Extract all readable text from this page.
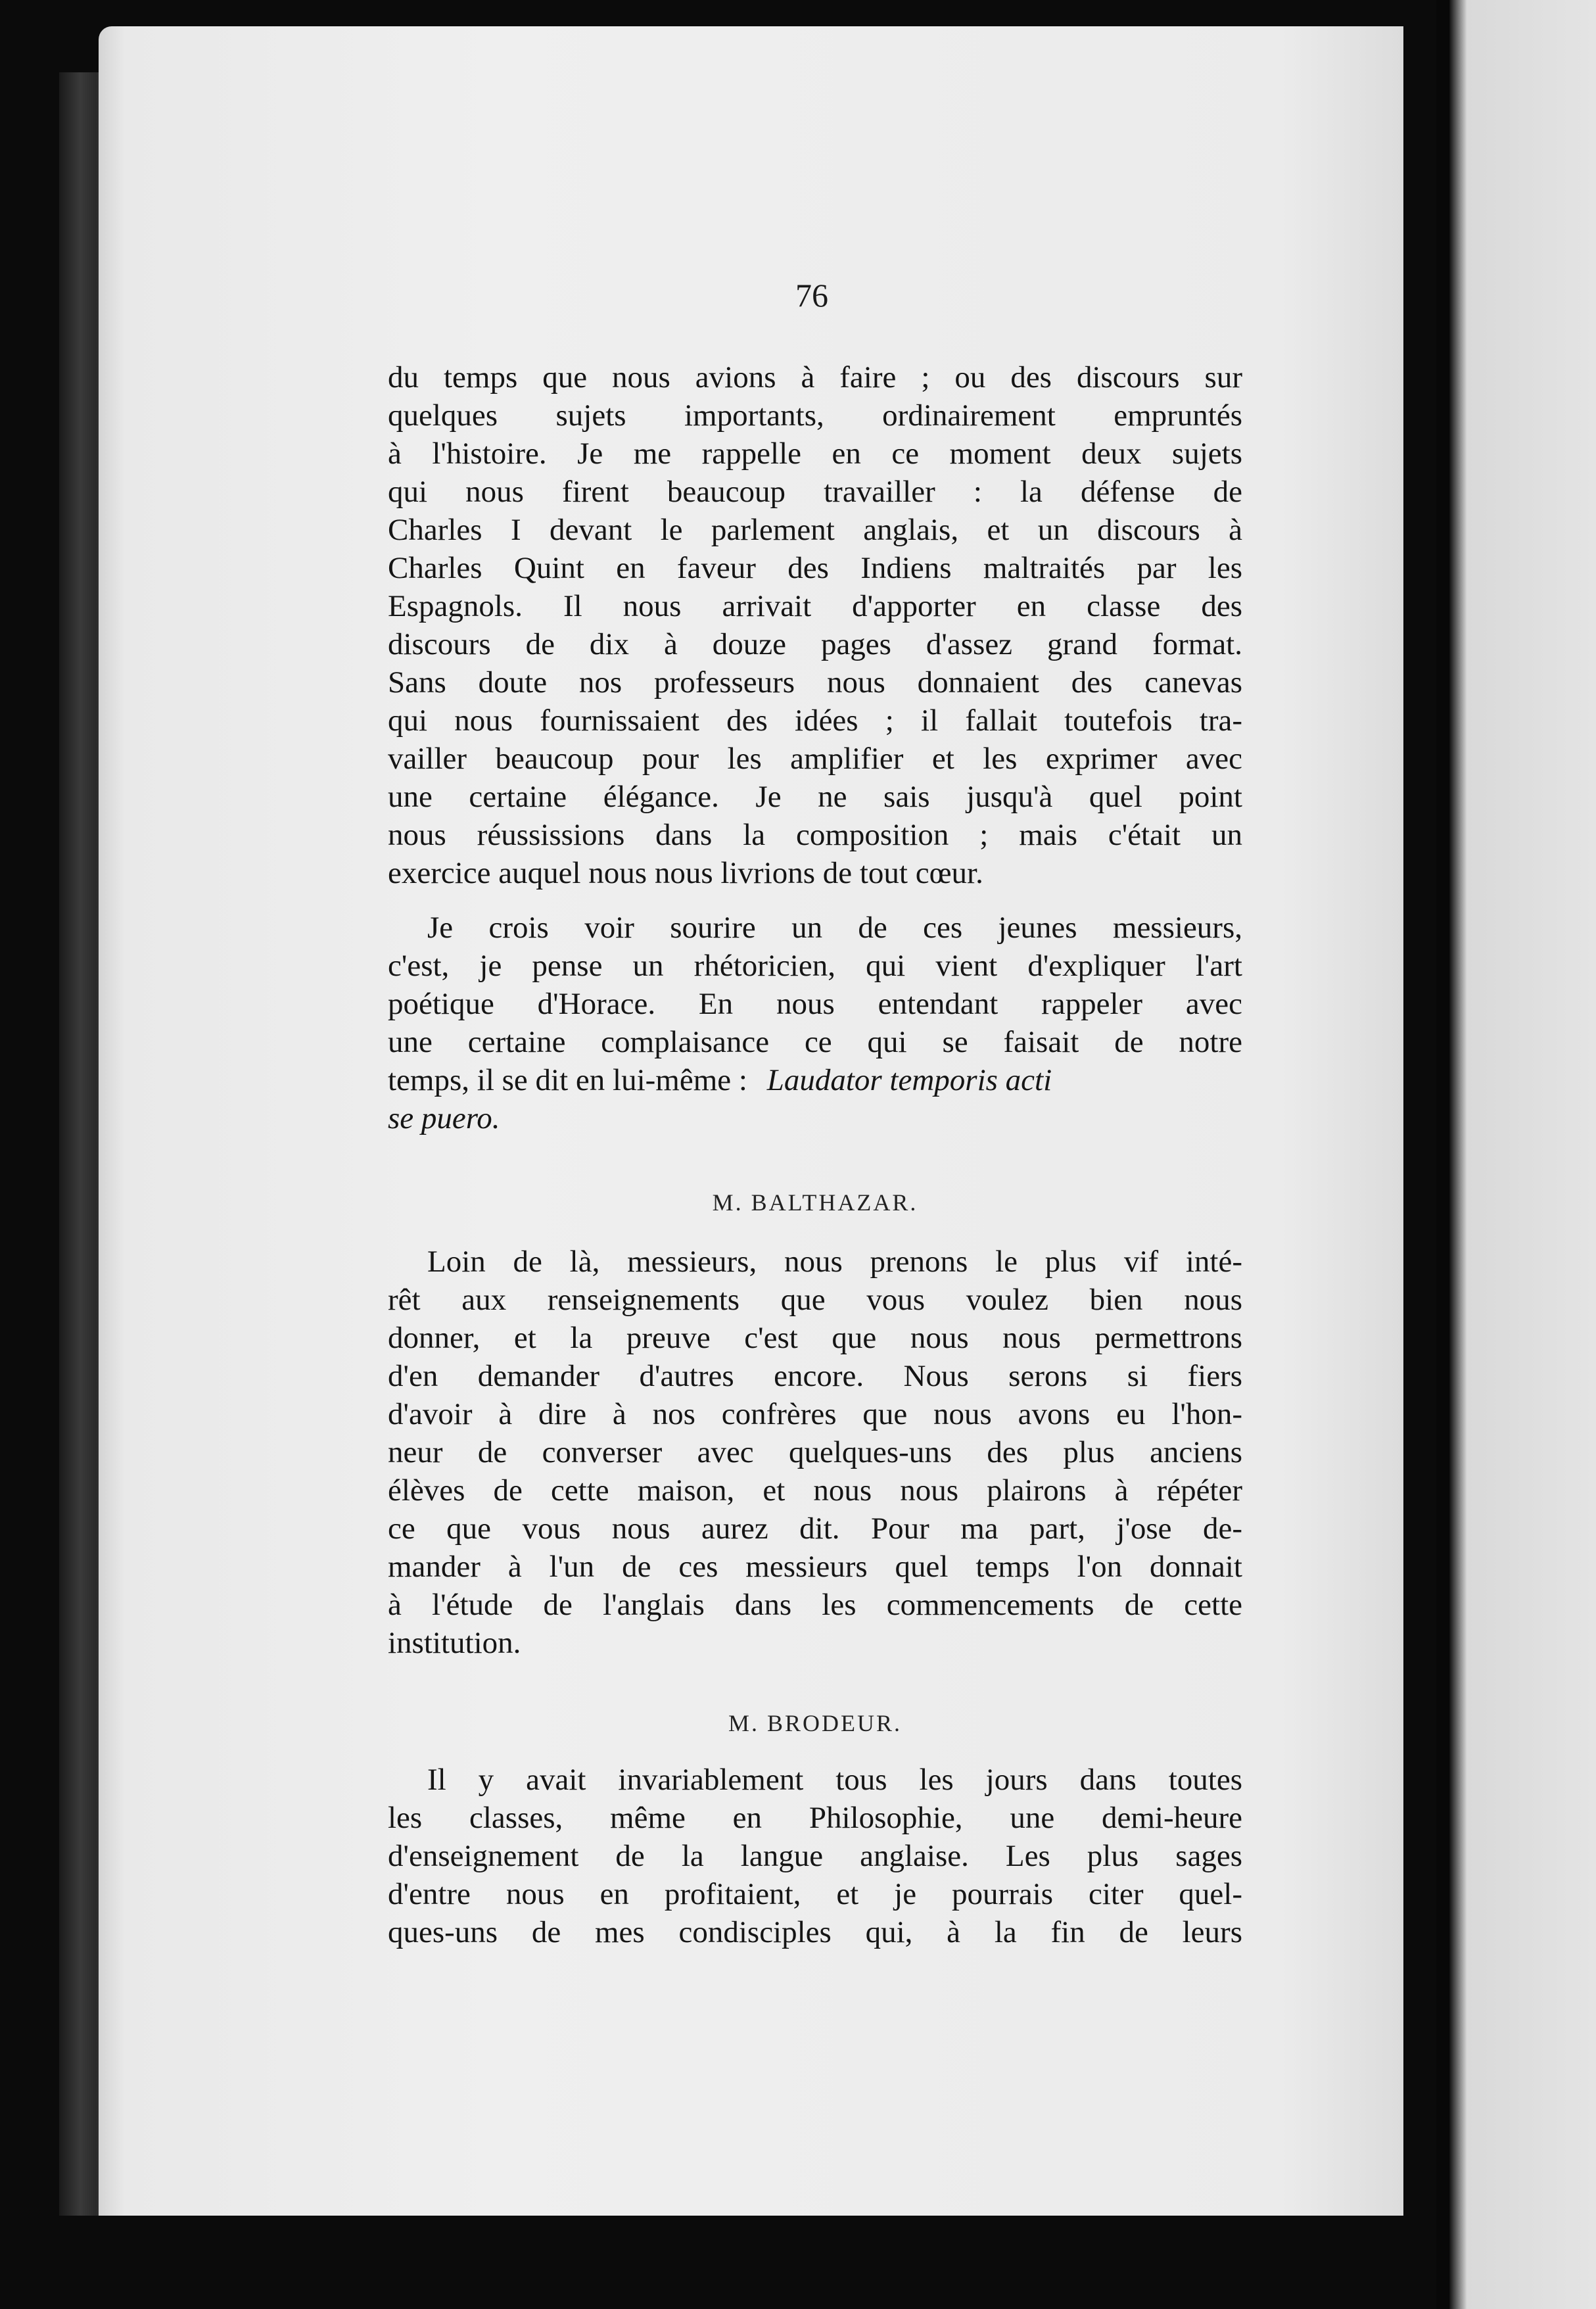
76
du temps que nous avions à faire ; ou des discours sur
quelques sujets importants, ordinairement empruntés
à l'histoire. Je me rappelle en ce moment deux sujets
qui nous firent beaucoup travailler : la défense de
Charles I devant le parlement anglais, et un discours à
Charles Quint en faveur des Indiens maltraités par les
Espagnols. Il nous arrivait d'apporter en classe des
discours de dix à douze pages d'assez grand format.
Sans doute nos professeurs nous donnaient des canevas
qui nous fournissaient des idées ; il fallait toutefois tra-
vailler beaucoup pour les amplifier et les exprimer avec
une certaine élégance. Je ne sais jusqu'à quel point
nous réussissions dans la composition ; mais c'était un
exercice auquel nous nous livrions de tout cœur.
Je crois voir sourire un de ces jeunes messieurs,
c'est, je pense un rhétoricien, qui vient d'expliquer l'art
poétique d'Horace. En nous entendant rappeler avec
une certaine complaisance ce qui se faisait de notre
temps, il se dit en lui-même : Laudator temporis acti
se puero.
M. BALTHAZAR.
Loin de là, messieurs, nous prenons le plus vif inté-
rêt aux renseignements que vous voulez bien nous
donner, et la preuve c'est que nous nous permettrons
d'en demander d'autres encore. Nous serons si fiers
d'avoir à dire à nos confrères que nous avons eu l'hon-
neur de converser avec quelques-uns des plus anciens
élèves de cette maison, et nous nous plairons à répéter
ce que vous nous aurez dit. Pour ma part, j'ose de-
mander à l'un de ces messieurs quel temps l'on donnait
à l'étude de l'anglais dans les commencements de cette
institution.
M. BRODEUR.
Il y avait invariablement tous les jours dans toutes
les classes, même en Philosophie, une demi-heure
d'enseignement de la langue anglaise. Les plus sages
d'entre nous en profitaient, et je pourrais citer quel-
ques-uns de mes condisciples qui, à la fin de leurs
